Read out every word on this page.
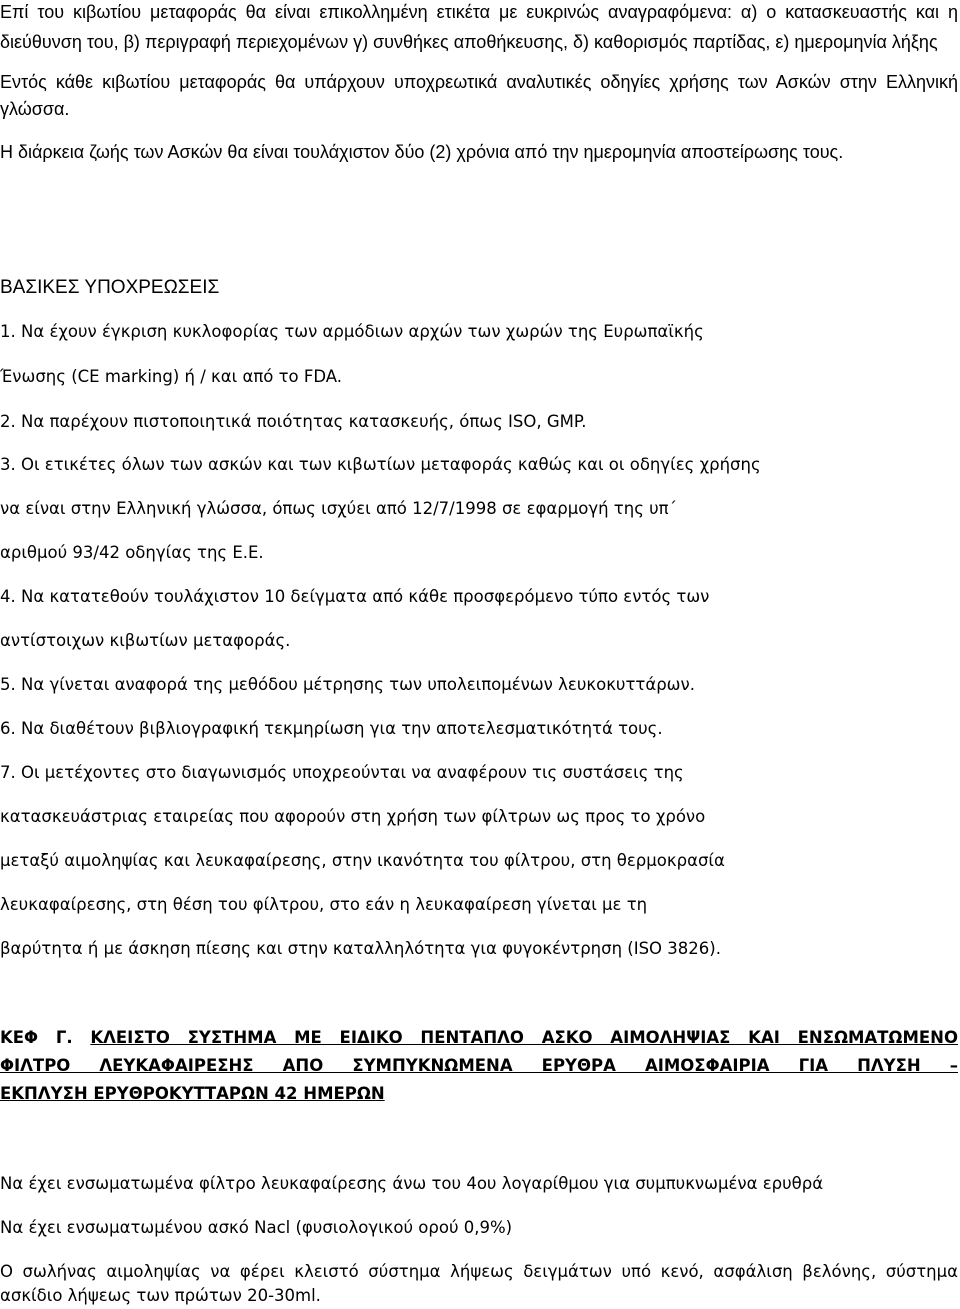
Επί του κιβωτίου μεταφοράς θα είναι επικολλημένη ετικέτα με ευκρινώς αναγραφόμενα: α) ο κατασκευαστής και η
διεύθυνση του, β) περιγραφή περιεχομένων γ) συνθήκες αποθήκευσης, δ) καθορισμός παρτίδας, ε) ημερομηνία λήξης
Εντός κάθε κιβωτίου μεταφοράς θα υπάρχουν υποχρεωτικά αναλυτικές οδηγίες χρήσης των Ασκών στην Ελληνική
γλώσσα.
Η διάρκεια ζωής των Ασκών θα είναι τουλάχιστον δύο (2) χρόνια από την ημερομηνία αποστείρωσης τους.
ΒΑΣΙΚΕΣ ΥΠΟΧΡΕΩΣΕΙΣ
1. Να έχουν έγκριση κυκλοφορίας των αρμόδιων αρχών των χωρών της Ευρωπαϊκής
Ένωσης (CE marking) ή / και από το FDA.
2. Να παρέχουν πιστοποιητικά ποιότητας κατασκευής, όπως ISO, GMP.
3. Οι ετικέτες όλων των ασκών και των κιβωτίων μεταφοράς καθώς και οι οδηγίες χρήσης
να είναι στην Ελληνική γλώσσα, όπως ισχύει από 12/7/1998 σε εφαρμογή της υπ΄
αριθμού 93/42 οδηγίας της Ε.Ε.
4. Να κατατεθούν τουλάχιστον 10 δείγματα από κάθε προσφερόμενο τύπο εντός των
αντίστοιχων κιβωτίων μεταφοράς.
5. Να γίνεται αναφορά της μεθόδου μέτρησης των υπολειπομένων λευκοκυττάρων.
6. Να διαθέτουν βιβλιογραφική τεκμηρίωση για την αποτελεσματικότητά τους.
7. Οι μετέχοντες στο διαγωνισμός υποχρεούνται να αναφέρουν τις συστάσεις της
κατασκευάστριας εταιρείας που αφορούν στη χρήση των φίλτρων ως προς το χρόνο
μεταξύ αιμοληψίας και λευκαφαίρεσης, στην ικανότητα του φίλτρου, στη θερμοκρασία
λευκαφαίρεσης, στη θέση του φίλτρου, στο εάν η λευκαφαίρεση γίνεται με τη
βαρύτητα ή με άσκηση πίεσης και στην καταλληλότητα για φυγοκέντρηση (ISO 3826).
ΚΕΦ Γ. ΚΛΕΙΣΤΟ ΣΥΣΤΗΜΑ ΜΕ ΕΙΔΙΚΟ ΠΕΝΤΑΠΛΟ ΑΣΚΟ ΑΙΜΟΛΗΨΙΑΣ ΚΑΙ ΕΝΣΩΜΑΤΩΜΕΝΟ
ΦΙΛΤΡΟ ΛΕΥΚΑΦΑΙΡΕΣΗΣ ΑΠΟ ΣΥΜΠΥΚΝΩΜΕΝΑ ΕΡΥΘΡΑ ΑΙΜΟΣΦΑΙΡΙΑ ΓΙΑ ΠΛΥΣΗ –
ΕΚΠΛΥΣΗ ΕΡΥΘΡΟΚΥΤΤΑΡΩΝ 42 ΗΜΕΡΩΝ
Να έχει ενσωματωμένα φίλτρο λευκαφαίρεσης άνω του 4ου λογαρίθμου για συμπυκνωμένα ερυθρά
Να έχει ενσωματωμένου ασκό Nacl (φυσιολογικού ορού 0,9%)
Ο σωλήνας αιμοληψίας να φέρει κλειστό σύστημα λήψεως δειγμάτων υπό κενό, ασφάλιση βελόνης, σύστημα
ασκίδιο λήψεως των πρώτων 20-30ml.
